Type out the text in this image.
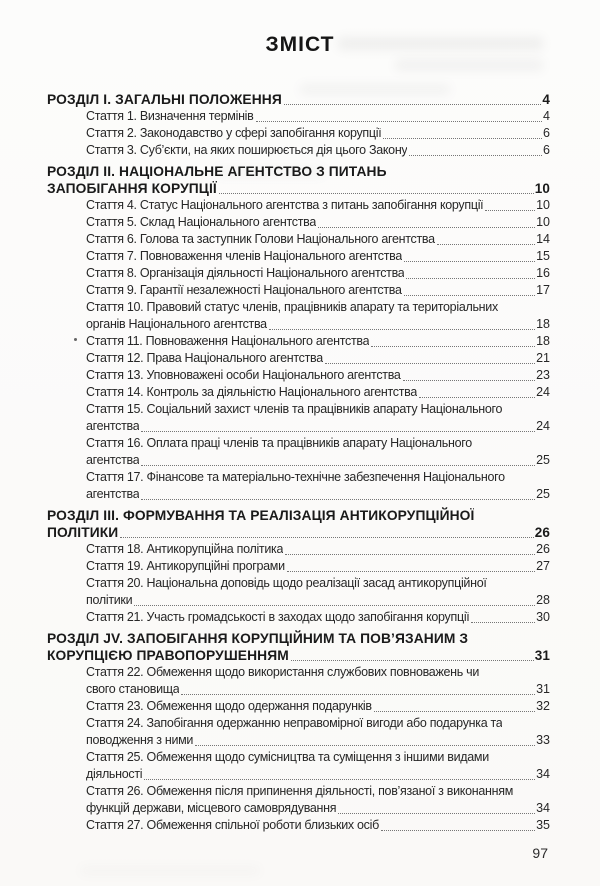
ЗМІСТ
РОЗДІЛ І. ЗАГАЛЬНІ ПОЛОЖЕННЯ	4
Стаття 1. Визначення термінів	4
Стаття 2. Законодавство у сфері запобігання корупції	6
Стаття 3. Суб’єкти, на яких поширюється дія цього Закону	6
РОЗДІЛ ІІ. НАЦІОНАЛЬНЕ АГЕНТСТВО З ПИТАНЬ
ЗАПОБІГАННЯ КОРУПЦІЇ	10
Стаття 4. Статус Національного агентства з питань запобігання корупції	10
Стаття 5. Склад Національного агентства	10
Стаття 6. Голова та заступник Голови Національного агентства	14
Стаття 7. Повноваження членів Національного агентства	15
Стаття 8. Організація діяльності Національного агентства	16
Стаття 9. Гарантії незалежності Національного агентства	17
Стаття 10. Правовий статус членів, працівників апарату та територіальних
органів Національного агентства	18
Стаття 11. Повноваження Національного агентства	18
Стаття 12. Права Національного агентства	21
Стаття 13. Уповноважені особи Національного агентства	23
Стаття 14. Контроль за діяльністю Національного агентства	24
Стаття 15. Соціальний захист членів та працівників апарату Національного
агентства	24
Стаття 16. Оплата праці членів та працівників апарату Національного
агентства	25
Стаття 17. Фінансове та матеріально-технічне забезпечення Національного
агентства	25
РОЗДІЛ ІІІ. ФОРМУВАННЯ ТА РЕАЛІЗАЦІЯ АНТИКОРУПЦІЙНОЇ
ПОЛІТИКИ	26
Стаття 18. Антикорупційна політика	26
Стаття 19. Антикорупційні програми	27
Стаття 20. Національна доповідь щодо реалізації засад антикорупційної
політики	28
Стаття 21. Участь громадськості в заходах щодо запобігання корупції	30
РОЗДІЛ JV. ЗАПОБІГАННЯ КОРУПЦІЙНИМ ТА ПОВ’ЯЗАНИМ З
КОРУПЦІЄЮ ПРАВОПОРУШЕННЯМ	31
Стаття 22. Обмеження щодо використання службових повноважень чи
свого становища	31
Стаття 23. Обмеження щодо одержання подарунків	32
Стаття 24. Запобігання одержанню неправомірної вигоди або подарунка та
поводження з ними	33
Стаття 25. Обмеження щодо сумісництва та суміщення з іншими видами
діяльності	34
Стаття 26. Обмеження після припинення діяльності, пов’язаної з виконанням
функцій держави, місцевого самоврядування	34
Стаття 27. Обмеження спільної роботи близьких осіб	35
97
